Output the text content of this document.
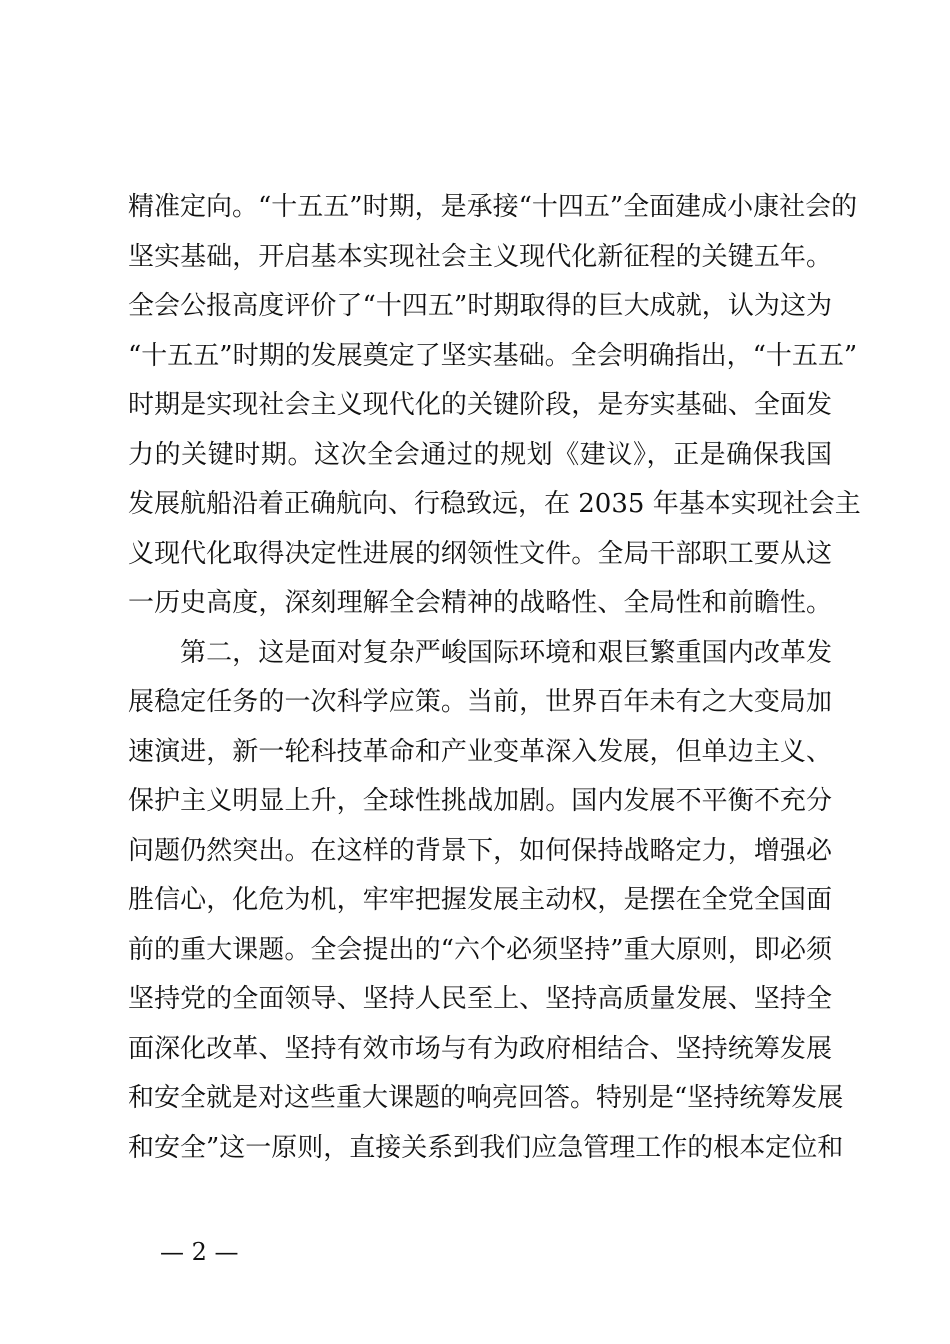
精准定向。“十五五”时期，是承接“十四五”全面建成小康社会的
坚实基础，开启基本实现社会主义现代化新征程的关键五年。
全会公报高度评价了“十四五”时期取得的巨大成就，认为这为
“十五五”时期的发展奠定了坚实基础。全会明确指出，“十五五”
时期是实现社会主义现代化的关键阶段，是夯实基础、全面发
力的关键时期。这次全会通过的规划《建议》，正是确保我国
发展航船沿着正确航向、行稳致远，在 2035 年基本实现社会主
义现代化取得决定性进展的纲领性文件。全局干部职工要从这
一历史高度，深刻理解全会精神的战略性、全局性和前瞻性。
第二，这是面对复杂严峻国际环境和艰巨繁重国内改革发
展稳定任务的一次科学应策。当前，世界百年未有之大变局加
速演进，新一轮科技革命和产业变革深入发展，但单边主义、
保护主义明显上升，全球性挑战加剧。国内发展不平衡不充分
问题仍然突出。在这样的背景下，如何保持战略定力，增强必
胜信心，化危为机，牢牢把握发展主动权，是摆在全党全国面
前的重大课题。全会提出的“六个必须坚持”重大原则，即必须
坚持党的全面领导、坚持人民至上、坚持高质量发展、坚持全
面深化改革、坚持有效市场与有为政府相结合、坚持统筹发展
和安全就是对这些重大课题的响亮回答。特别是“坚持统筹发展
和安全”这一原则，直接关系到我们应急管理工作的根本定位和
— 2 —
